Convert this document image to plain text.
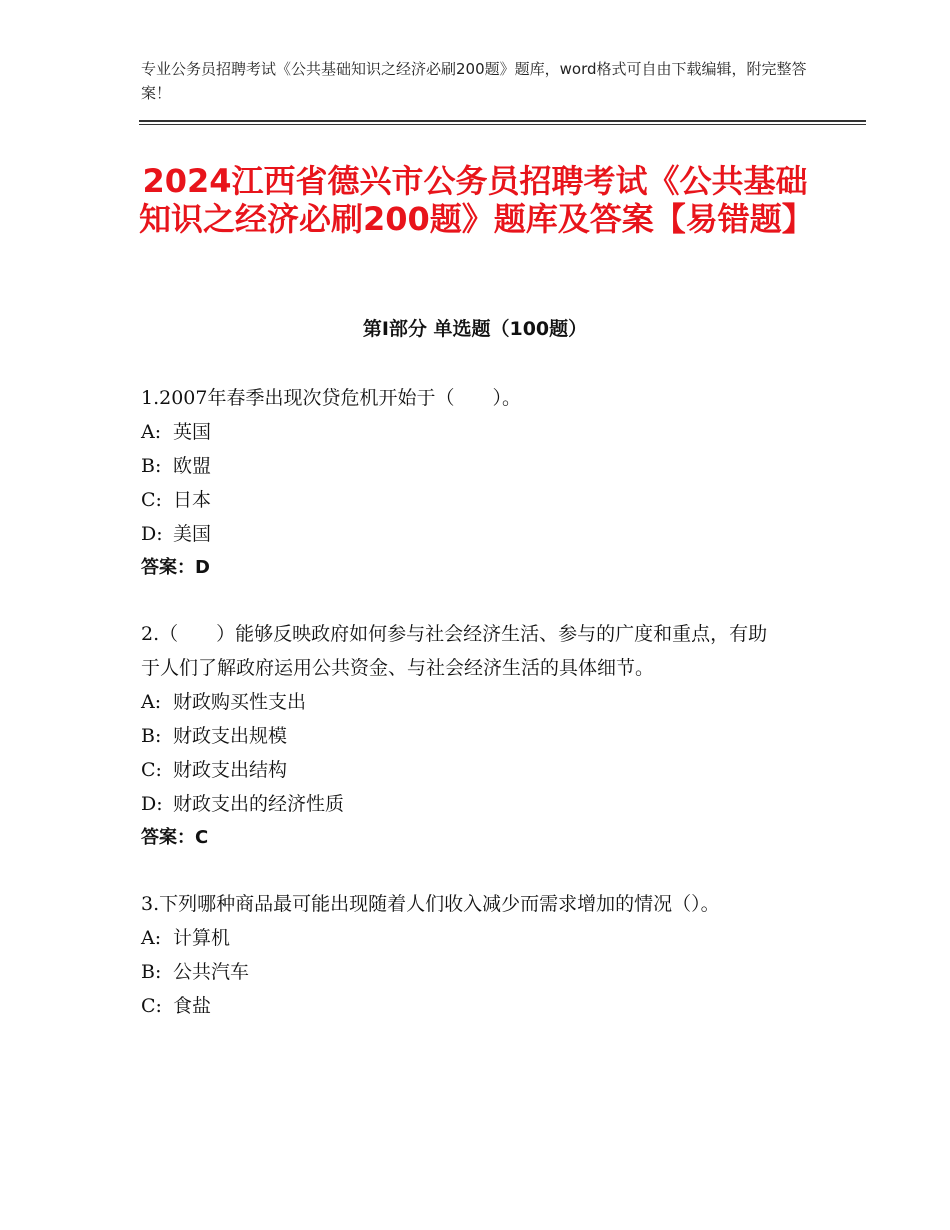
专业公务员招聘考试《公共基础知识之经济必刷200题》题库，word格式可自由下载编辑，附完整答案！
2024江西省德兴市公务员招聘考试《公共基础知识之经济必刷200题》题库及答案【易错题】
第Ⅰ部分 单选题（100题）

1.2007年春季出现次贷危机开始于（　　）。

A: 英国

B: 欧盟

C: 日本

D: 美国

答案：D

2.（　　）能够反映政府如何参与社会经济生活、参与的广度和重点，有助于人们了解政府运用公共资金、与社会经济生活的具体细节。

A: 财政购买性支出

B: 财政支出规模

C: 财政支出结构

D: 财政支出的经济性质

答案：C

3.下列哪种商品最可能出现随着人们收入减少而需求增加的情况（）。

A: 计算机

B: 公共汽车

C: 食盐
